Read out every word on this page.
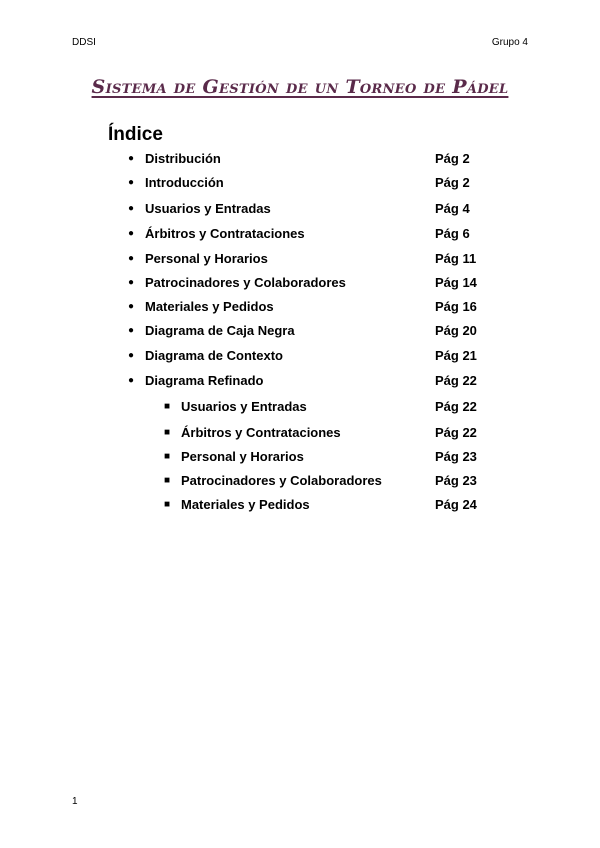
DDSI	Grupo 4
Sistema de Gestión de un Torneo de Pádel
Índice
● Distribución	Pág 2
● Introducción	Pág 2
● Usuarios y Entradas	Pág 4
● Árbitros y Contrataciones	Pág 6
● Personal y Horarios	Pág 11
● Patrocinadores y Colaboradores	Pág 14
● Materiales y Pedidos	Pág 16
● Diagrama de Caja Negra	Pág 20
● Diagrama de Contexto	Pág 21
● Diagrama Refinado	Pág 22
■ Usuarios y Entradas	Pág 22
■ Árbitros y Contrataciones	Pág 22
■ Personal y Horarios	Pág 23
■ Patrocinadores y Colaboradores	Pág 23
■ Materiales y Pedidos	Pág 24
1
